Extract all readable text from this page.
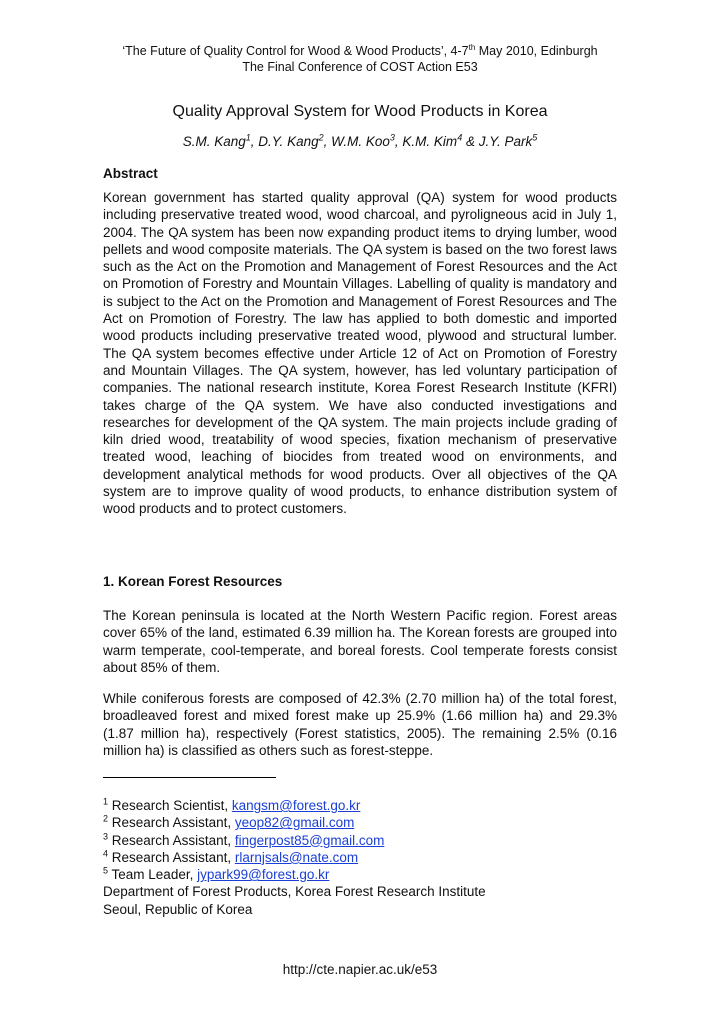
‘The Future of Quality Control for Wood & Wood Products’, 4-7th May 2010, Edinburgh
The Final Conference of COST Action E53
Quality Approval System for Wood Products in Korea
S.M. Kang$^1$, D.Y. Kang$^2$, W.M. Koo$^3$, K.M. Kim$^4$ & J.Y. Park$^5$
Abstract

Korean government has started quality approval (QA) system for wood products including preservative treated wood, wood charcoal, and pyroligneous acid in July 1, 2004. The QA system has been now expanding product items to drying lumber, wood pellets and wood composite materials. The QA system is based on the two forest laws such as the Act on the Promotion and Management of Forest Resources and the Act on Promotion of Forestry and Mountain Villages. Labelling of quality is mandatory and is subject to the Act on the Promotion and Management of Forest Resources and The Act on Promotion of Forestry. The law has applied to both domestic and imported wood products including preservative treated wood, plywood and structural lumber. The QA system becomes effective under Article 12 of Act on Promotion of Forestry and Mountain Villages. The QA system, however, has led voluntary participation of companies. The national research institute, Korea Forest Research Institute (KFRI) takes charge of the QA system. We have also conducted investigations and researches for development of the QA system. The main projects include grading of kiln dried wood, treatability of wood species, fixation mechanism of preservative treated wood, leaching of biocides from treated wood on environments, and development analytical methods for wood products. Over all objectives of the QA system are to improve quality of wood products, to enhance distribution system of wood products and to protect customers.

1. Korean Forest Resources

The Korean peninsula is located at the North Western Pacific region. Forest areas cover 65% of the land, estimated 6.39 million ha. The Korean forests are grouped into warm temperate, cool-temperate, and boreal forests. Cool temperate forests consist about 85% of them.

While coniferous forests are composed of 42.3% (2.70 million ha) of the total forest, broadleaved forest and mixed forest make up 25.9% (1.66 million ha) and 29.3% (1.87 million ha), respectively (Forest statistics, 2005). The remaining 2.5% (0.16 million ha) is classified as others such as forest-steppe.

$^1$ Research Scientist, kangsm@forest.go.kr
$^2$ Research Assistant, yeop82@gmail.com
$^3$ Research Assistant, fingerpost85@gmail.com
$^4$ Research Assistant, rlarnjsals@nate.com
$^5$ Team Leader, jypark99@forest.go.kr
Department of Forest Products, Korea Forest Research Institute
Seoul, Republic of Korea
http://cte.napier.ac.uk/e53
